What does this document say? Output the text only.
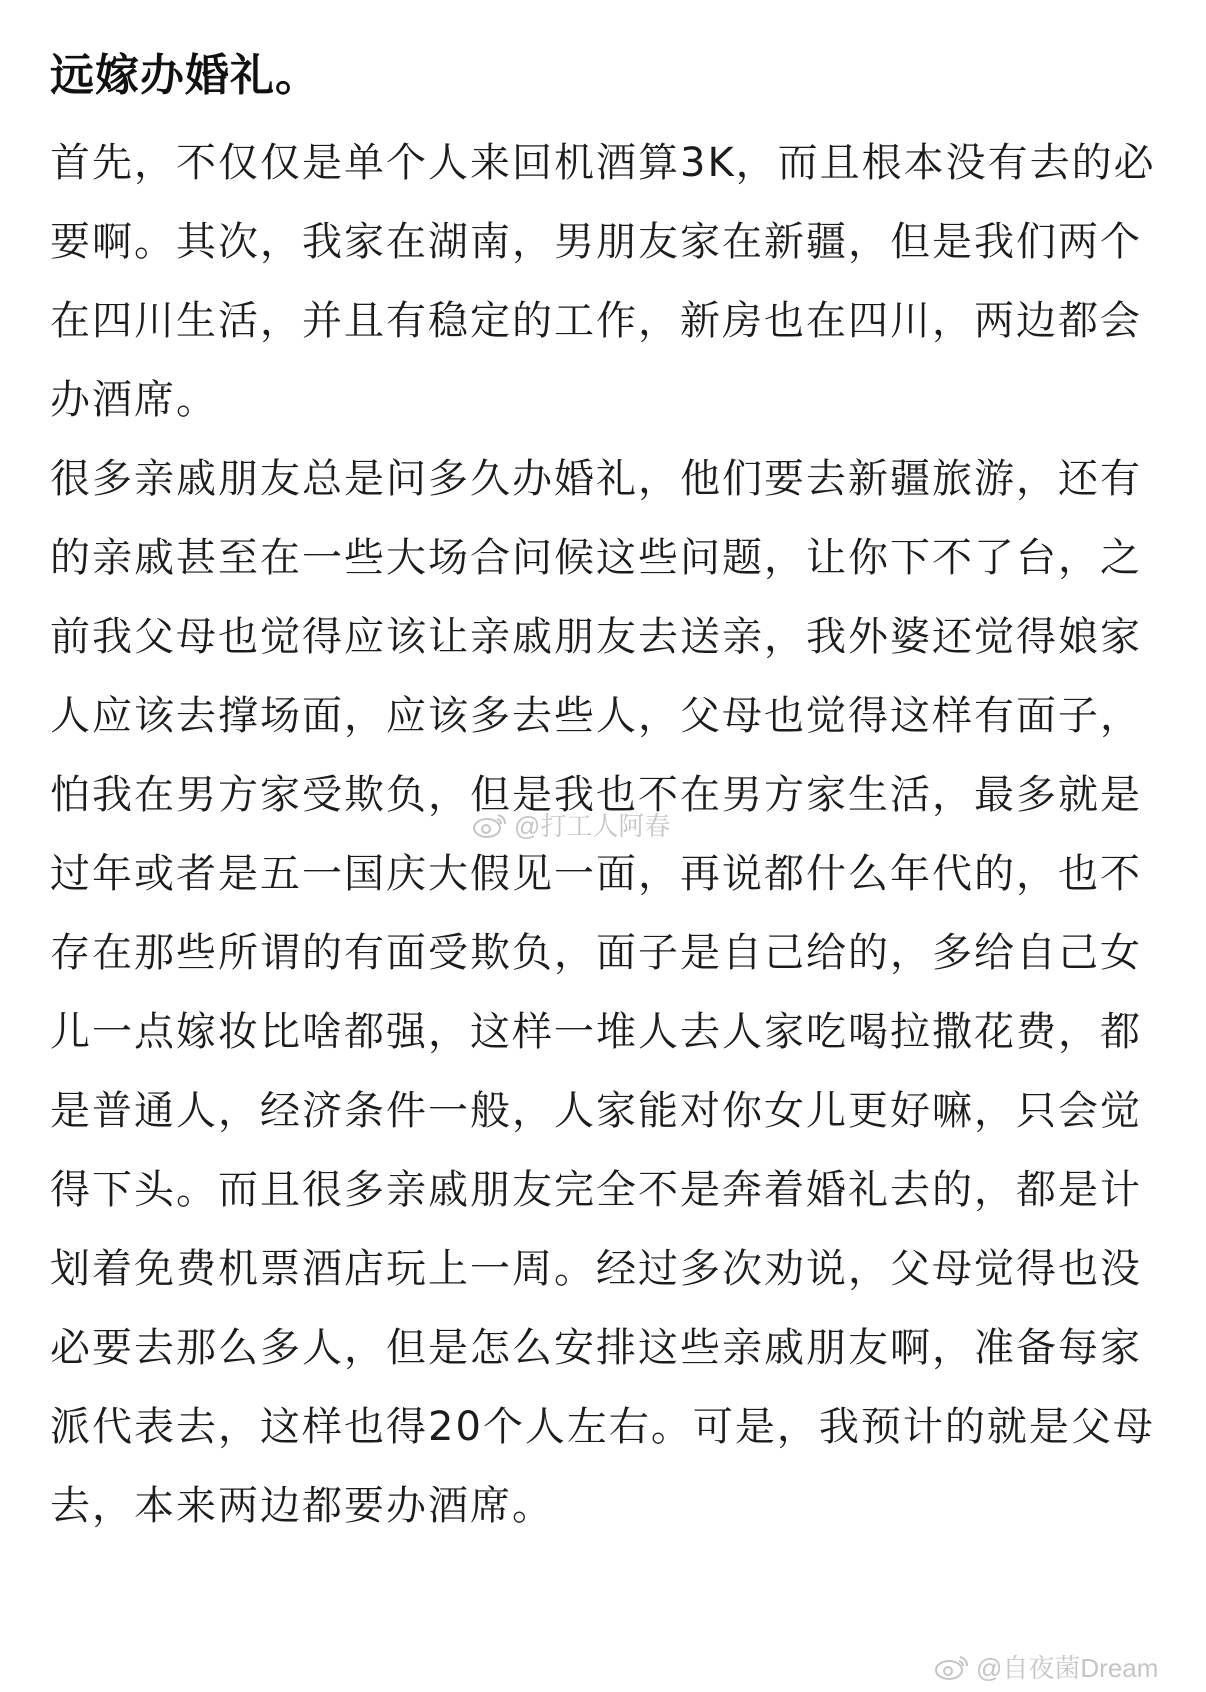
远嫁办婚礼。

首先，不仅仅是单个人来回机酒算3K，而且根本没有去的必要啊。其次，我家在湖南，男朋友家在新疆，但是我们两个在四川生活，并且有稳定的工作，新房也在四川，两边都会办酒席。

很多亲戚朋友总是问多久办婚礼，他们要去新疆旅游，还有的亲戚甚至在一些大场合问候这些问题，让你下不了台，之前我父母也觉得应该让亲戚朋友去送亲，我外婆还觉得娘家人应该去撑场面，应该多去些人，父母也觉得这样有面子，怕我在男方家受欺负，但是我也不在男方家生活，最多就是过年或者是五一国庆大假见一面，再说都什么年代的，也不存在那些所谓的有面受欺负，面子是自己给的，多给自己女儿一点嫁妆比啥都强，这样一堆人去人家吃喝拉撒花费，都是普通人，经济条件一般，人家能对你女儿更好嘛，只会觉得下头。而且很多亲戚朋友完全不是奔着婚礼去的，都是计划着免费机票酒店玩上一周。经过多次劝说，父母觉得也没必要去那么多人，但是怎么安排这些亲戚朋友啊，准备每家派代表去，这样也得20个人左右。可是，我预计的就是父母去，本来两边都要办酒席。

@打工人阿春
@自夜菌Dream
